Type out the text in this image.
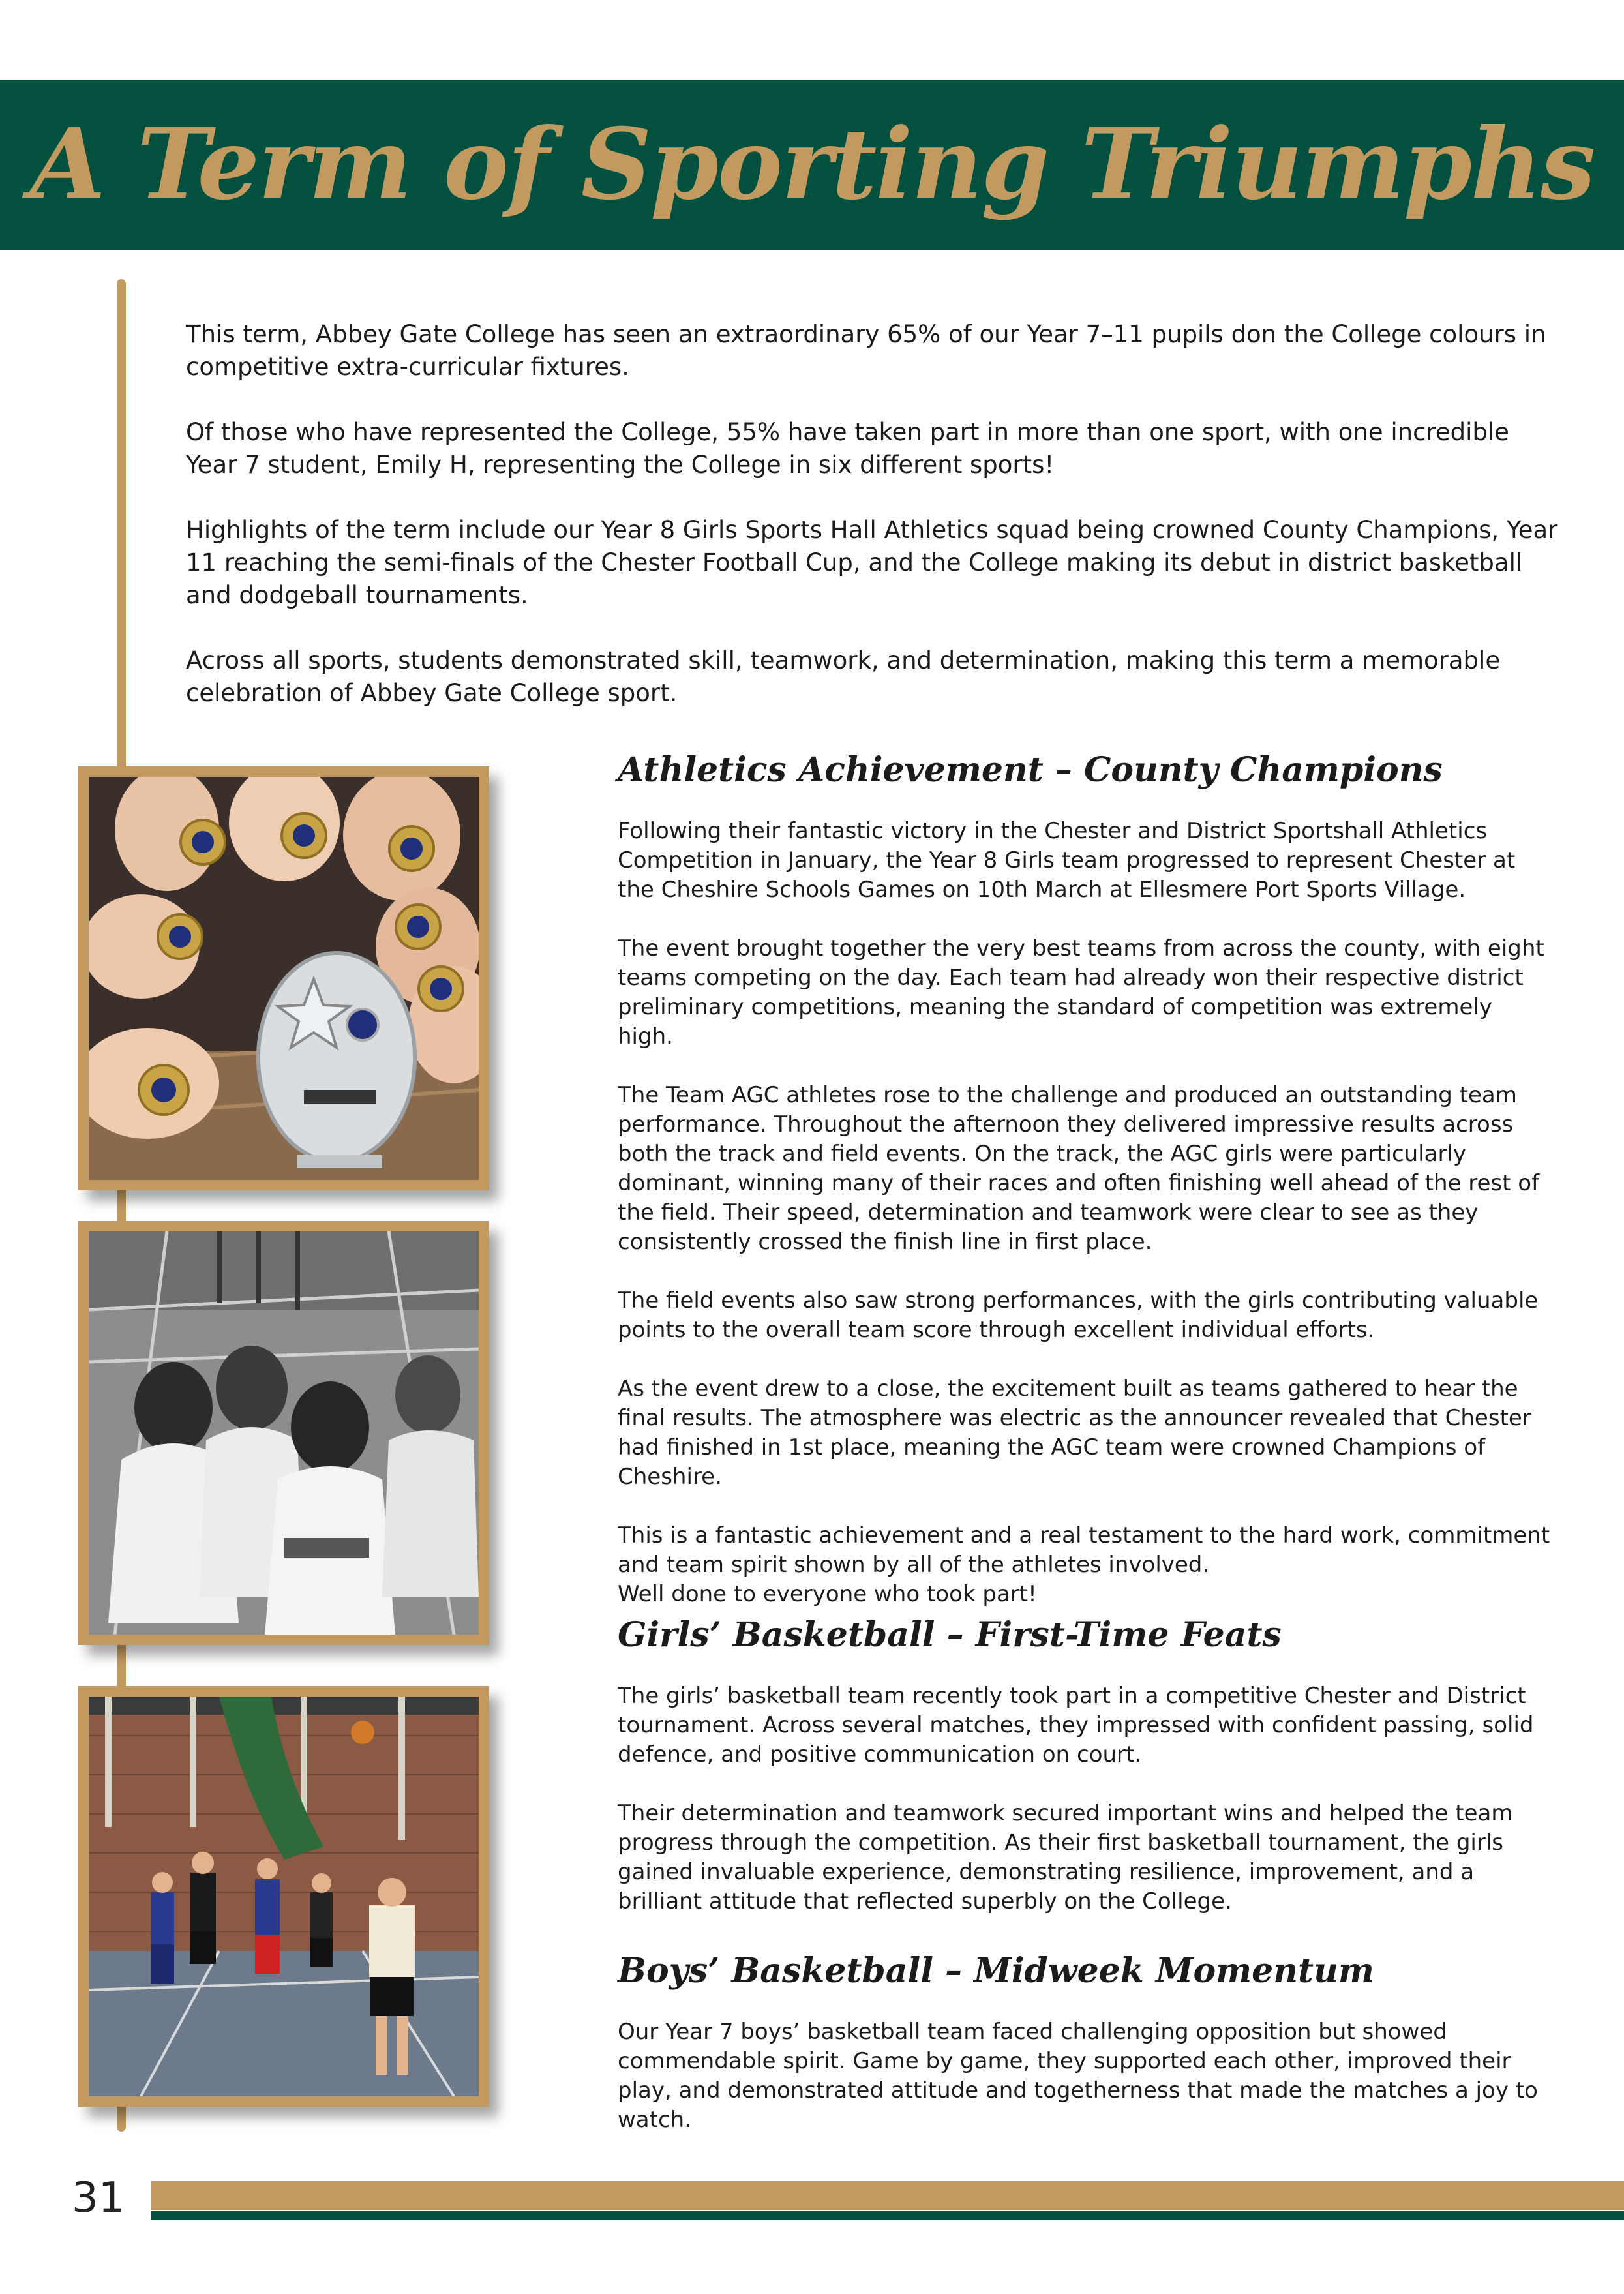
A Term of Sporting Triumphs

This term, Abbey Gate College has seen an extraordinary 65% of our Year 7–11 pupils don the College colours in competitive extra-curricular fixtures.

Of those who have represented the College, 55% have taken part in more than one sport, with one incredible Year 7 student, Emily H, representing the College in six different sports!

Highlights of the term include our Year 8 Girls Sports Hall Athletics squad being crowned County Champions, Year 11 reaching the semi-finals of the Chester Football Cup, and the College making its debut in district basketball and dodgeball tournaments.

Across all sports, students demonstrated skill, teamwork, and determination, making this term a memorable celebration of Abbey Gate College sport.

Athletics Achievement – County Champions

Following their fantastic victory in the Chester and District Sportshall Athletics Competition in January, the Year 8 Girls team progressed to represent Chester at the Cheshire Schools Games on 10th March at Ellesmere Port Sports Village.

The event brought together the very best teams from across the county, with eight teams competing on the day. Each team had already won their respective district preliminary competitions, meaning the standard of competition was extremely high.

The Team AGC athletes rose to the challenge and produced an outstanding team performance. Throughout the afternoon they delivered impressive results across both the track and field events. On the track, the AGC girls were particularly dominant, winning many of their races and often finishing well ahead of the rest of the field. Their speed, determination and teamwork were clear to see as they consistently crossed the finish line in first place.

The field events also saw strong performances, with the girls contributing valuable points to the overall team score through excellent individual efforts.

As the event drew to a close, the excitement built as teams gathered to hear the final results. The atmosphere was electric as the announcer revealed that Chester had finished in 1st place, meaning the AGC team were crowned Champions of Cheshire.

This is a fantastic achievement and a real testament to the hard work, commitment and team spirit shown by all of the athletes involved.
Well done to everyone who took part!

Girls’ Basketball – First-Time Feats

The girls’ basketball team recently took part in a competitive Chester and District tournament. Across several matches, they impressed with confident passing, solid defence, and positive communication on court.

Their determination and teamwork secured important wins and helped the team progress through the competition. As their first basketball tournament, the girls gained invaluable experience, demonstrating resilience, improvement, and a brilliant attitude that reflected superbly on the College.

Boys’ Basketball – Midweek Momentum

Our Year 7 boys’ basketball team faced challenging opposition but showed commendable spirit. Game by game, they supported each other, improved their play, and demonstrated attitude and togetherness that made the matches a joy to watch.

31
